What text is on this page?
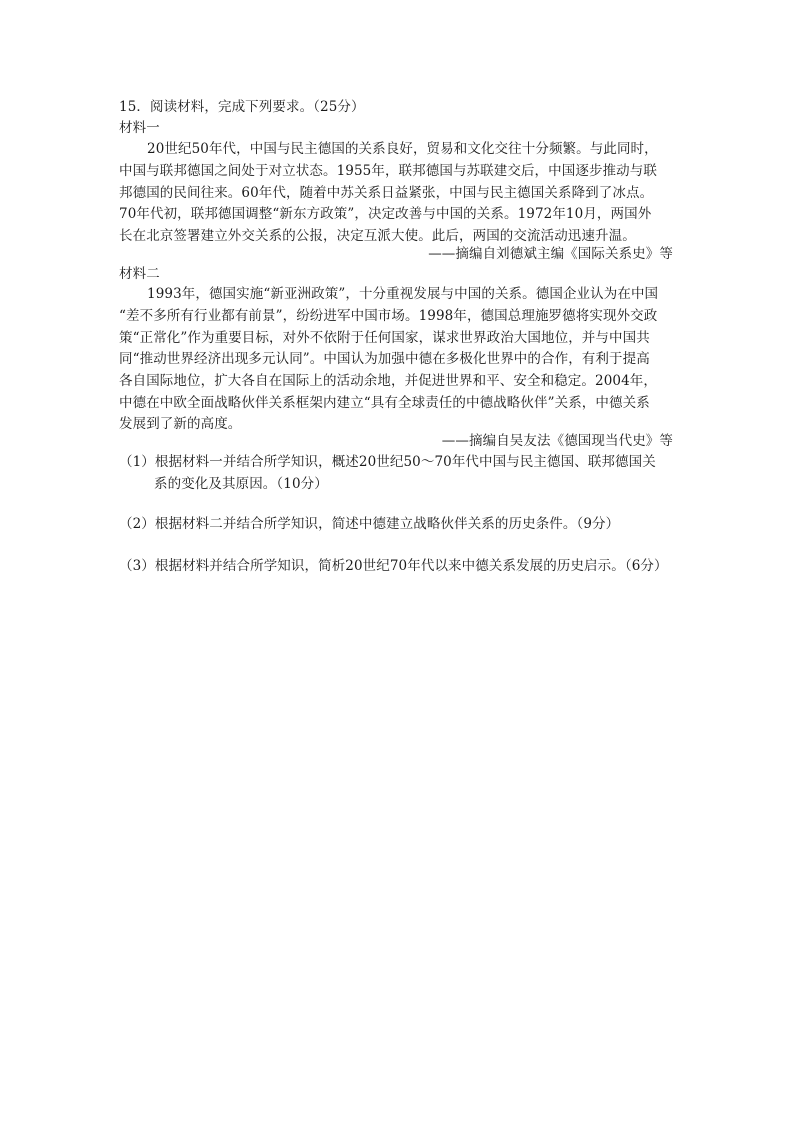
15．阅读材料，完成下列要求。（25分）
材料一
20世纪50年代，中国与民主德国的关系良好，贸易和文化交往十分频繁。与此同时，
中国与联邦德国之间处于对立状态。1955年，联邦德国与苏联建交后，中国逐步推动与联
邦德国的民间往来。60年代，随着中苏关系日益紧张，中国与民主德国关系降到了冰点。
70年代初，联邦德国调整“新东方政策”，决定改善与中国的关系。1972年10月，两国外
长在北京签署建立外交关系的公报，决定互派大使。此后，两国的交流活动迅速升温。
——摘编自刘德斌主编《国际关系史》等
材料二
1993年，德国实施“新亚洲政策”，十分重视发展与中国的关系。德国企业认为在中国
“差不多所有行业都有前景”，纷纷进军中国市场。1998年，德国总理施罗德将实现外交政
策“正常化”作为重要目标，对外不依附于任何国家，谋求世界政治大国地位，并与中国共
同“推动世界经济出现多元认同”。中国认为加强中德在多极化世界中的合作，有利于提高
各自国际地位，扩大各自在国际上的活动余地，并促进世界和平、安全和稳定。2004年，
中德在中欧全面战略伙伴关系框架内建立“具有全球责任的中德战略伙伴”关系，中德关系
发展到了新的高度。
——摘编自吴友法《德国现当代史》等
（1）根据材料一并结合所学知识，概述20世纪50～70年代中国与民主德国、联邦德国关
系的变化及其原因。（10分）
（2）根据材料二并结合所学知识，简述中德建立战略伙伴关系的历史条件。（9分）
（3）根据材料并结合所学知识，简析20世纪70年代以来中德关系发展的历史启示。（6分）
